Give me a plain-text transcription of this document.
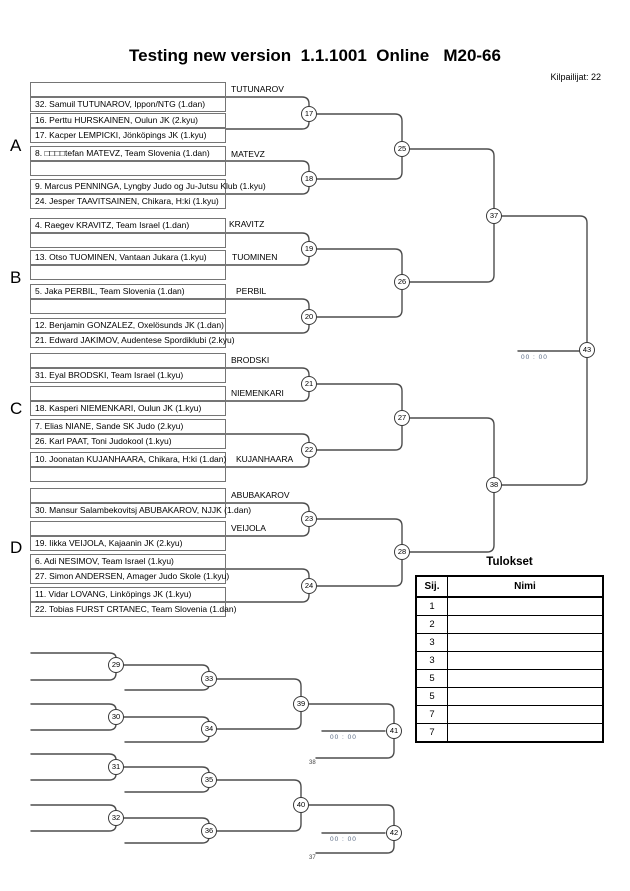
Testing new version  1.1.1001  Online   M20-66
Kilpailijat: 22
Tulokset
Sij.	Nimi
1	
2	
3	
3	
5	
5	
7	
7	
A
B
C
D
32. Samuil TUTUNAROV, Ippon/NTG (1.dan)
16. Perttu HURSKAINEN, Oulun JK (2.kyu)
17. Kacper LEMPICKI, Jönköpings JK (1.kyu)
8. □□□□tefan MATEVZ, Team Slovenia (1.dan)
9. Marcus PENNINGA, Lyngby Judo og Ju-Jutsu Klub (1.kyu)
24. Jesper TAAVITSAINEN, Chikara, H:ki (1.kyu)
4. Raegev KRAVITZ, Team Israel (1.dan)
13. Otso TUOMINEN, Vantaan Jukara (1.kyu)
5. Jaka PERBIL, Team Slovenia (1.dan)
12. Benjamin GONZALEZ, Oxelösunds JK (1.dan)
21. Edward JAKIMOV, Audentese Spordiklubi (2.kyu)
31. Eyal BRODSKI, Team Israel (1.kyu)
18. Kasperi NIEMENKARI, Oulun JK (1.kyu)
7. Elias NIANE, Sande SK Judo (2.kyu)
26. Karl PAAT, Toni Judokool (1.kyu)
10. Joonatan KUJANHAARA, Chikara, H:ki (1.dan)
30. Mansur Salambekovitsj ABUBAKAROV, NJJK (1.dan)
19. Iikka VEIJOLA, Kajaanin JK (2.kyu)
6. Adi NESIMOV, Team Israel (1.kyu)
27. Simon ANDERSEN, Amager Judo Skole (1.kyu)
11. Vidar LOVANG, Linköpings JK (1.kyu)
22. Tobias FURST CRTANEC, Team Slovenia (1.dan)
TUTUNAROV
MATEVZ
KRAVITZ
TUOMINEN
PERBIL
BRODSKI
NIEMENKARI
KUJANHAARA
ABUBAKAROV
VEIJOLA
17
18
19
20
21
22
23
24
25
26
27
28
37
38
43
29
30
31
32
33
34
35
36
39
40
41
42
00 : 00
00 : 00
00 : 00
38
37
